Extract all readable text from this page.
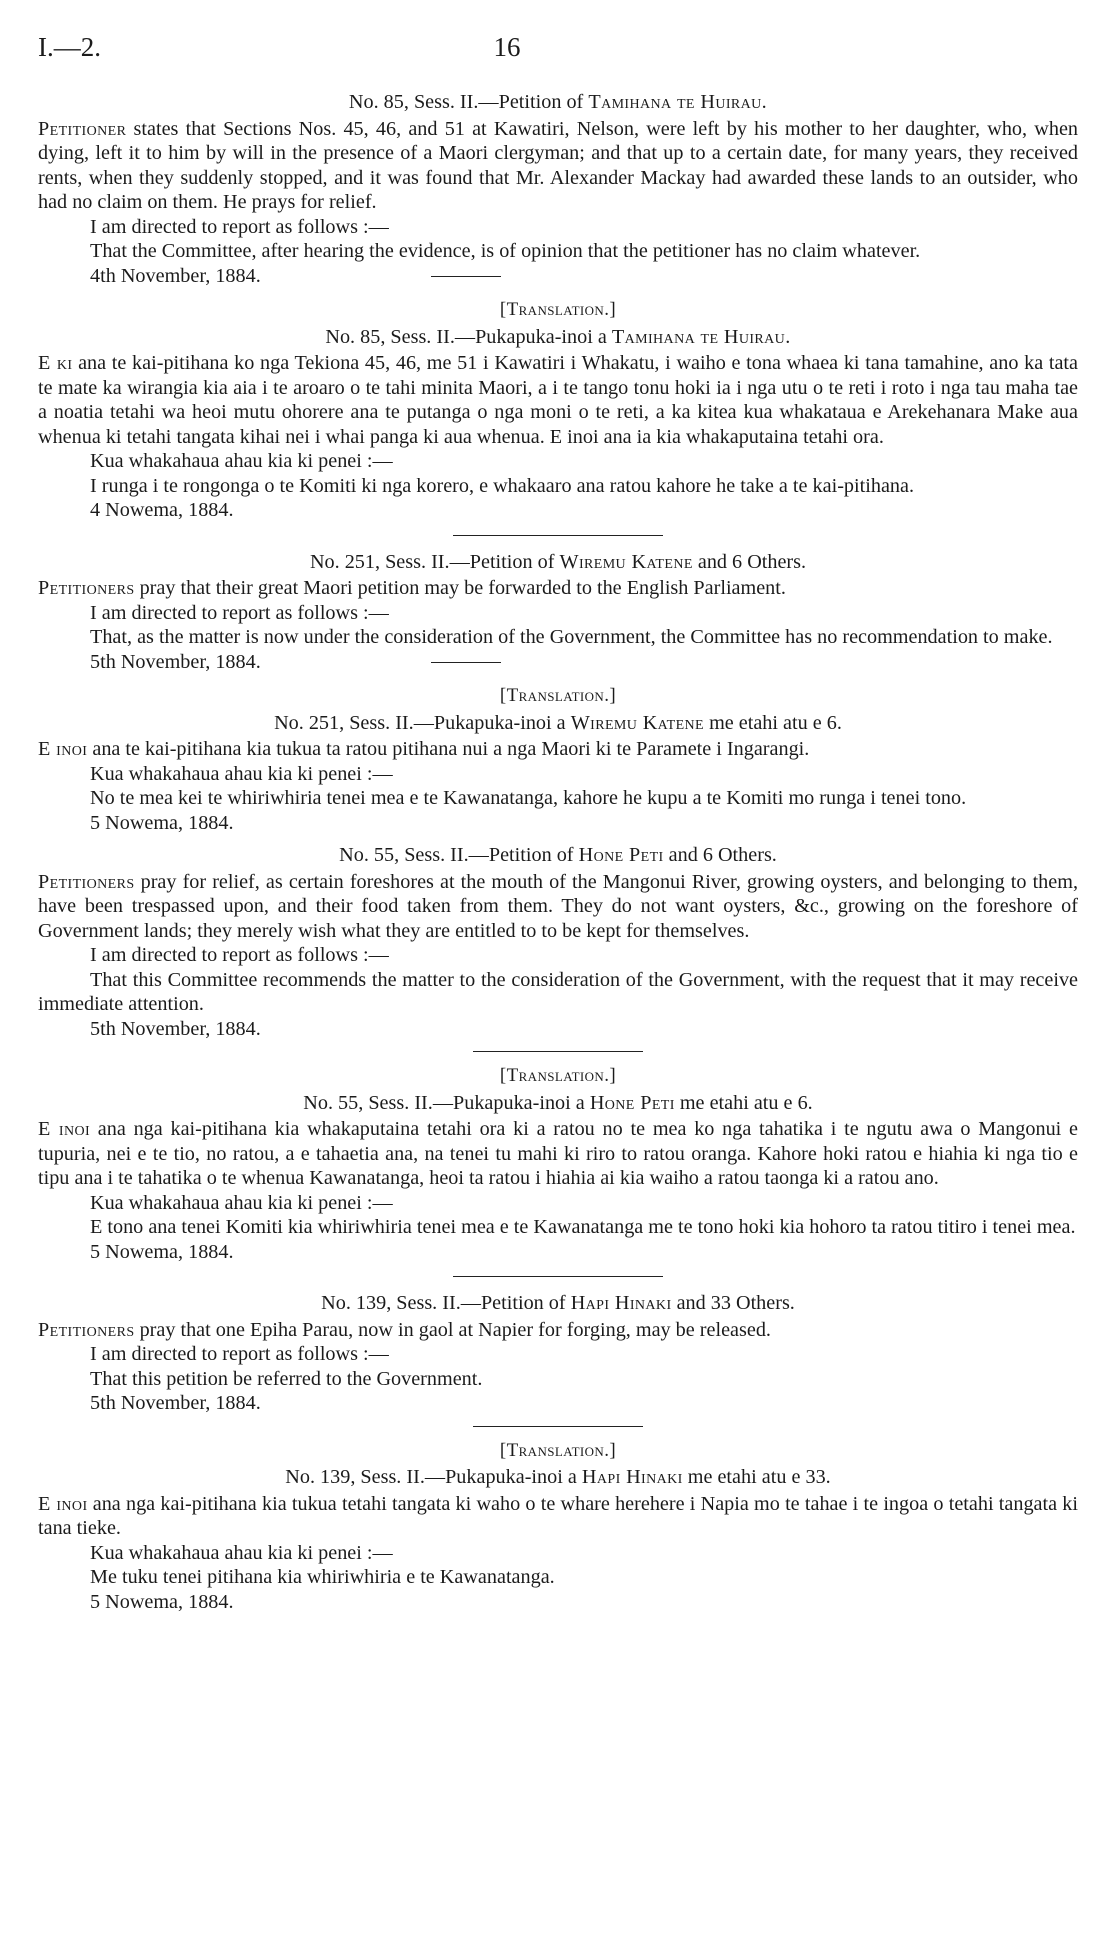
I.—2.	16

No. 85, Sess. II.—Petition of Tamihana te Huirau.

Petitioner states that Sections Nos. 45, 46, and 51 at Kawatiri, Nelson, were left by his mother to her daughter, who, when dying, left it to him by will in the presence of a Maori clergyman; and that up to a certain date, for many years, they received rents, when they suddenly stopped, and it was found that Mr. Alexander Mackay had awarded these lands to an outsider, who had no claim on them. He prays for relief.

I am directed to report as follows :—

That the Committee, after hearing the evidence, is of opinion that the petitioner has no claim whatever.

4th November, 1884.

[Translation.]

No. 85, Sess. II.—Pukapuka-inoi a Tamihana te Huirau.

E ki ana te kai-pitihana ko nga Tekiona 45, 46, me 51 i Kawatiri i Whakatu, i waiho e tona whaea ki tana tamahine, ano ka tata te mate ka wirangia kia aia i te aroaro o te tahi minita Maori, a i te tango tonu hoki ia i nga utu o te reti i roto i nga tau maha tae a noatia tetahi wa heoi mutu ohorere ana te putanga o nga moni o te reti, a ka kitea kua whakataua e Arekehanara Make aua whenua ki tetahi tangata kihai nei i whai panga ki aua whenua. E inoi ana ia kia whakaputaina tetahi ora.

Kua whakahaua ahau kia ki penei :—

I runga i te rongonga o te Komiti ki nga korero, e whakaaro ana ratou kahore he take a te kai-pitihana.

4 Nowema, 1884.

No. 251, Sess. II.—Petition of Wiremu Katene and 6 Others.

Petitioners pray that their great Maori petition may be forwarded to the English Parliament.

I am directed to report as follows :—

That, as the matter is now under the consideration of the Government, the Committee has no recommendation to make.

5th November, 1884.

[Translation.]

No. 251, Sess. II.—Pukapuka-inoi a Wiremu Katene me etahi atu e 6.

E inoi ana te kai-pitihana kia tukua ta ratou pitihana nui a nga Maori ki te Paramete i Ingarangi.

Kua whakahaua ahau kia ki penei :—

No te mea kei te whiriwhiria tenei mea e te Kawanatanga, kahore he kupu a te Komiti mo runga i tenei tono.

5 Nowema, 1884.

No. 55, Sess. II.—Petition of Hone Peti and 6 Others.

Petitioners pray for relief, as certain foreshores at the mouth of the Mangonui River, growing oysters, and belonging to them, have been trespassed upon, and their food taken from them. They do not want oysters, &c., growing on the foreshore of Government lands; they merely wish what they are entitled to to be kept for themselves.

I am directed to report as follows :—

That this Committee recommends the matter to the consideration of the Government, with the request that it may receive immediate attention.

5th November, 1884.

[Translation.]

No. 55, Sess. II.—Pukapuka-inoi a Hone Peti me etahi atu e 6.

E inoi ana nga kai-pitihana kia whakaputaina tetahi ora ki a ratou no te mea ko nga tahatika i te ngutu awa o Mangonui e tupuria, nei e te tio, no ratou, a e tahaetia ana, na tenei tu mahi ki riro to ratou oranga. Kahore hoki ratou e hiahia ki nga tio e tipu ana i te tahatika o te whenua Kawanatanga, heoi ta ratou i hiahia ai kia waiho a ratou taonga ki a ratou ano.

Kua whakahaua ahau kia ki penei :—

E tono ana tenei Komiti kia whiriwhiria tenei mea e te Kawanatanga me te tono hoki kia hohoro ta ratou titiro i tenei mea.

5 Nowema, 1884.

No. 139, Sess. II.—Petition of Hapi Hinaki and 33 Others.

Petitioners pray that one Epiha Parau, now in gaol at Napier for forging, may be released.

I am directed to report as follows :—

That this petition be referred to the Government.

5th November, 1884.

[Translation.]

No. 139, Sess. II.—Pukapuka-inoi a Hapi Hinaki me etahi atu e 33.

E inoi ana nga kai-pitihana kia tukua tetahi tangata ki waho o te whare herehere i Napia mo te tahae i te ingoa o tetahi tangata ki tana tieke.

Kua whakahaua ahau kia ki penei :—

Me tuku tenei pitihana kia whiriwhiria e te Kawanatanga.

5 Nowema, 1884.
